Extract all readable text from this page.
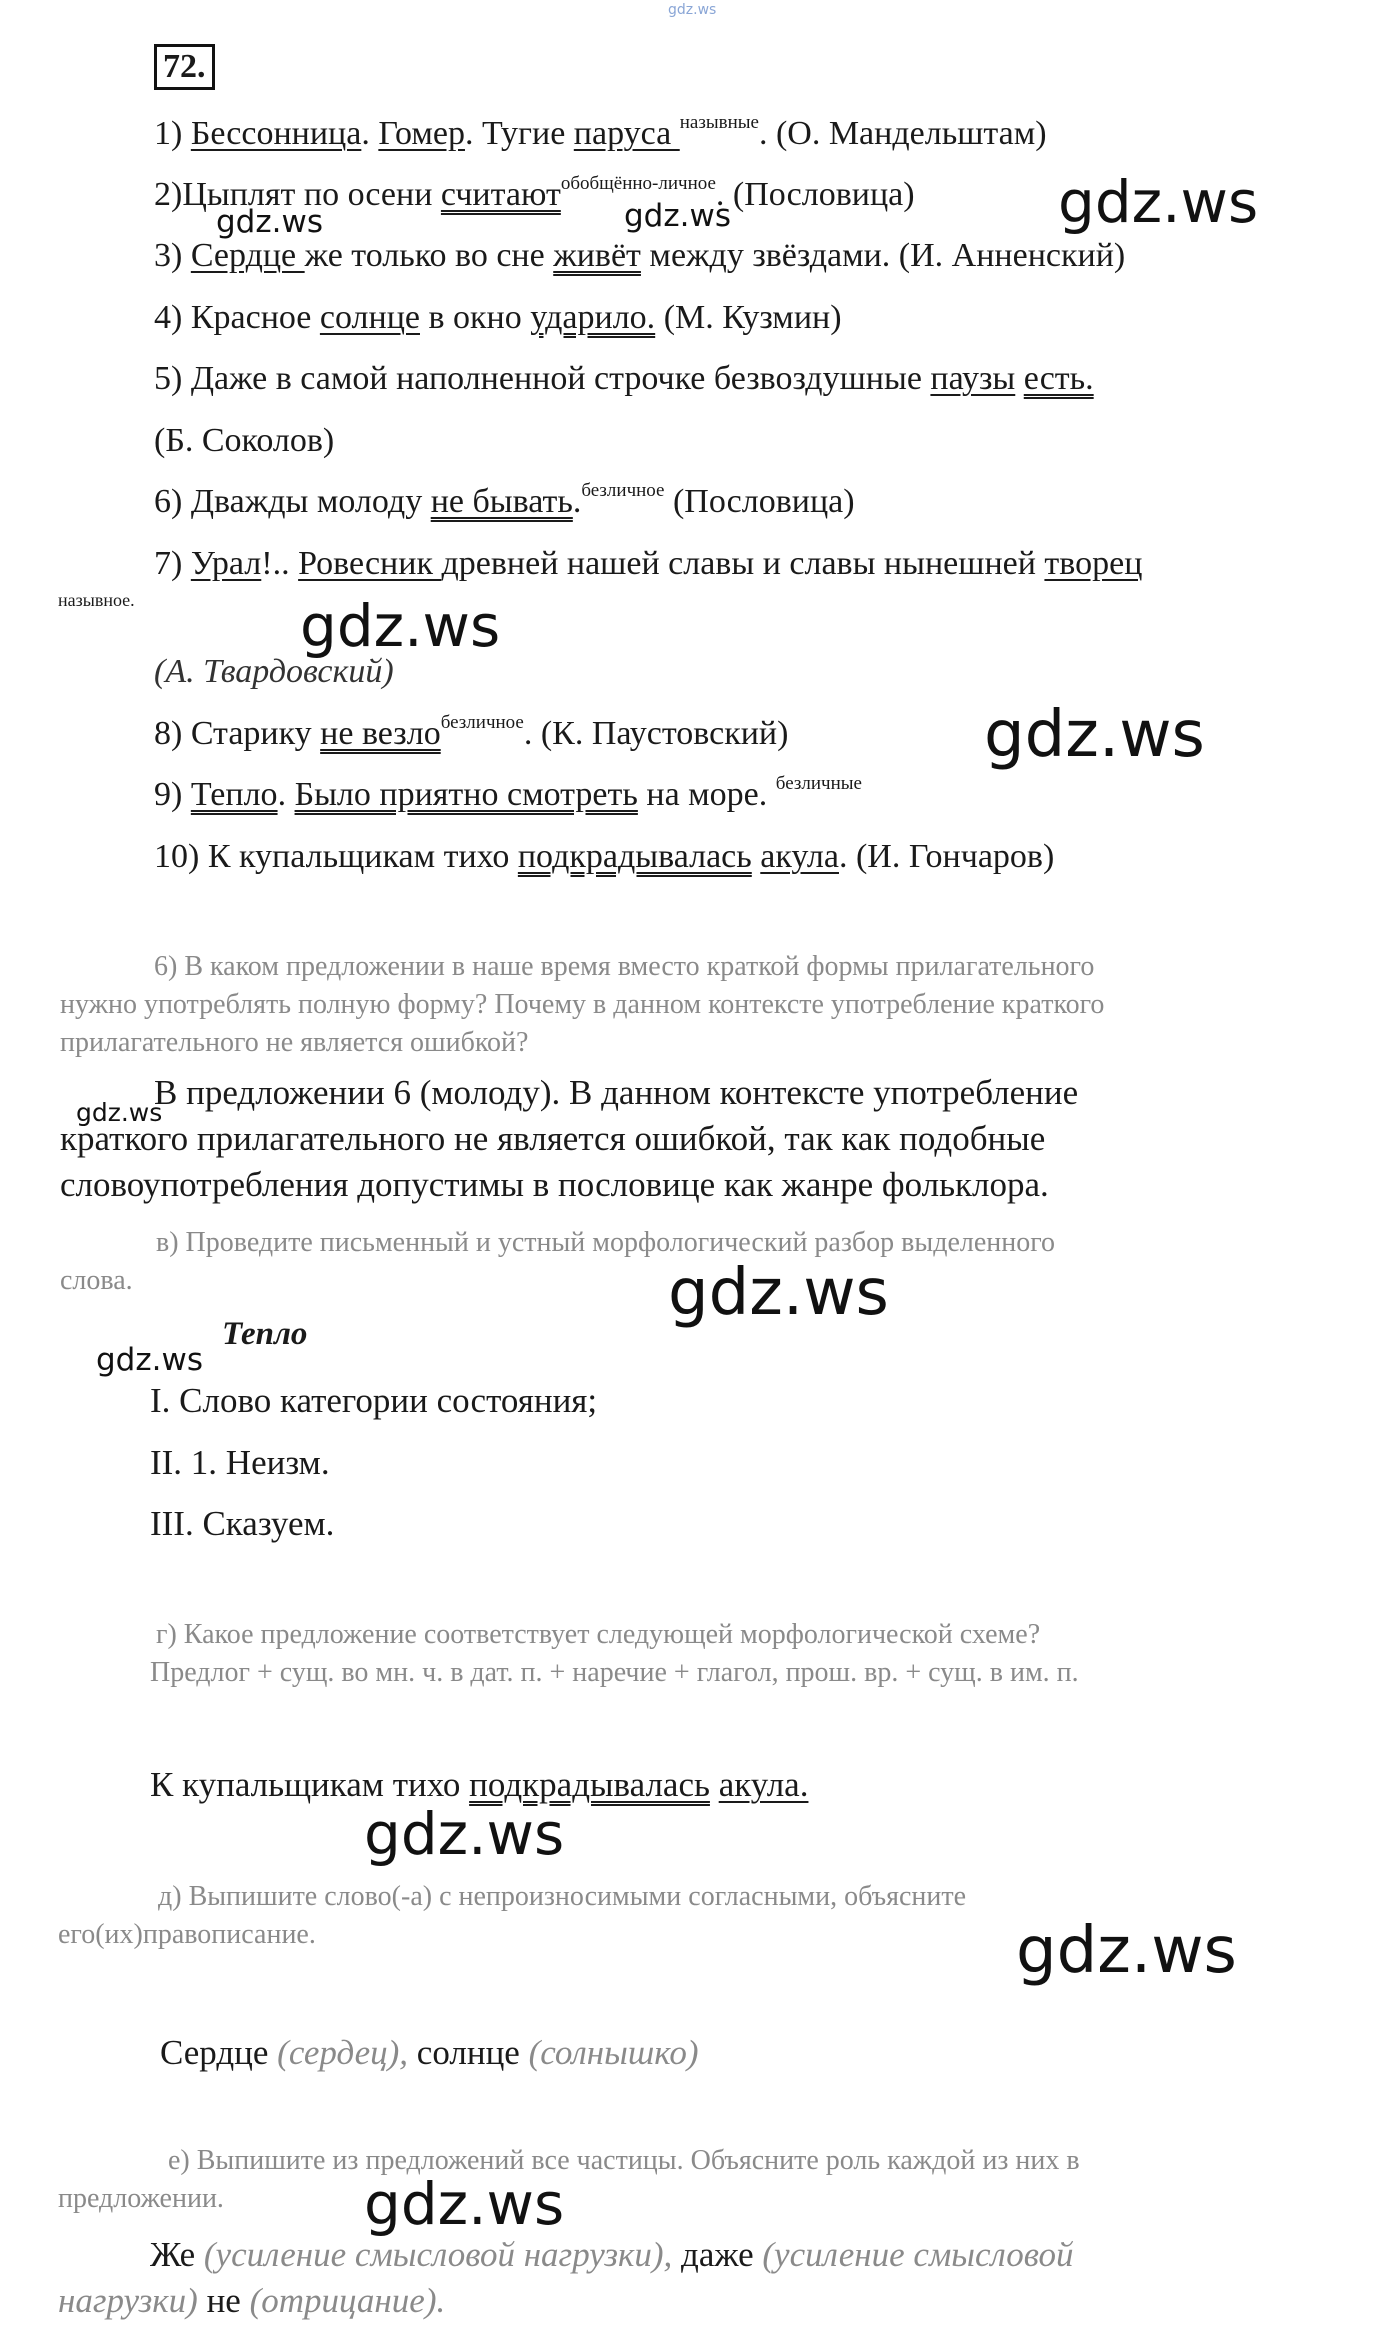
gdz.ws
72.
1) Бессонница. Гомер. Тугие паруса $^{назывные}$. (О. Мандельштам)
2)Цыплят по осени считают$^{обобщённо-личное}$. (Пословица)
3) Сердце же только во сне живёт между звёздами. (И. Анненский)
4) Красное солнце в окно ударило. (М. Кузмин)
5) Даже в самой наполненной строчке безвоздушные паузы есть.
(Б. Соколов)
6) Дважды молоду не бывать.$^{безличное}$ (Пословица)
7) Урал!.. Ровесник древней нашей славы и славы нынешней творец
назывное.
(А. Твардовский)
8) Старику не везло$^{безличное}$. (К. Паустовский)
9) Тепло. Было приятно смотреть на море. $^{безличные}$
10) К купальщикам тихо подкрадывалась акула. (И. Гончаров)
6) В каком предложении в наше время вместо краткой формы прилагательного
нужно употреблять полную форму? Почему в данном контексте употребление краткого
прилагательного не является ошибкой?
В предложении 6 (молоду). В данном контексте употребление
краткого прилагательного не является ошибкой, так как подобные
словоупотребления допустимы в пословице как жанре фольклора.
в) Проведите письменный и устный морфологический разбор выделенного
слова.
Тепло
I. Слово категории состояния;
II. 1. Неизм.
III. Сказуем.
г) Какое предложение соответствует следующей морфологической схеме?
Предлог + сущ. во мн. ч. в дат. п. + наречие + глагол, прош. вр. + сущ. в им. п.
К купальщикам тихо подкрадывалась акула.
д) Выпишите слово(-а) с непроизносимыми согласными, объясните
его(их)правописание.
Сердце (сердец), солнце (солнышко)
е) Выпишите из предложений все частицы. Объясните роль каждой из них в
предложении.
Же (усиление смысловой нагрузки), даже (усиление смысловой
нагрузки) не (отрицание).
gdz.ws	gdz.ws	gdz.ws
gdz.ws
gdz.ws
gdz.ws
gdz.ws
gdz.ws
gdz.ws
gdz.ws
gdz.ws
